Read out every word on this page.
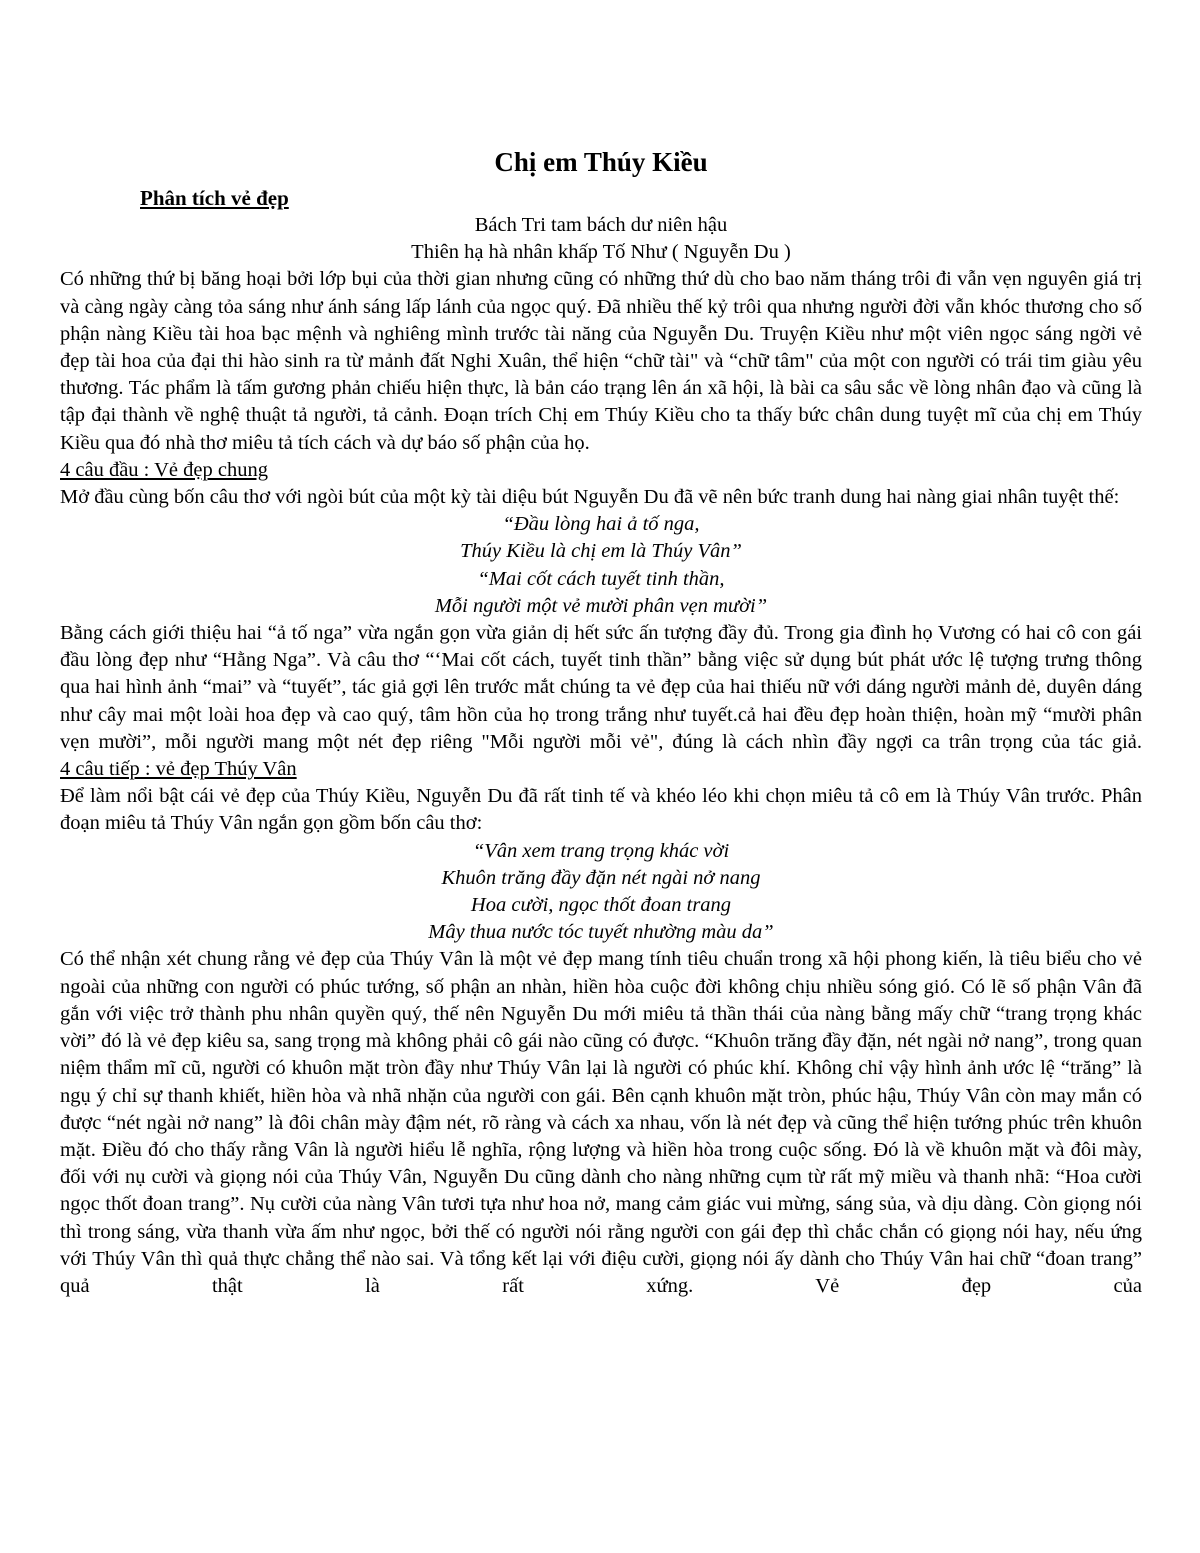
Chị em Thúy Kiều

Phân tích vẻ đẹp

Bách Tri tam bách dư niên hậu

Thiên hạ hà nhân khấp Tố Như ( Nguyễn Du )

Có những thứ bị băng hoại bởi lớp bụi của thời gian nhưng cũng có những thứ dù cho bao năm tháng trôi đi vẫn vẹn nguyên giá trị và càng ngày càng tỏa sáng như ánh sáng lấp lánh của ngọc quý. Đã nhiều thế kỷ trôi qua nhưng người đời vẫn khóc thương cho số phận nàng Kiều tài hoa bạc mệnh và nghiêng mình trước tài năng của Nguyễn Du. Truyện Kiều như một viên ngọc sáng ngời vẻ đẹp tài hoa của đại thi hào sinh ra từ mảnh đất Nghi Xuân, thể hiện “chữ tài" và “chữ tâm" của một con người có trái tim giàu yêu thương. Tác phẩm là tấm gương phản chiếu hiện thực, là bản cáo trạng lên án xã hội, là bài ca sâu sắc về lòng nhân đạo và cũng là tập đại thành về nghệ thuật tả người, tả cảnh. Đoạn trích Chị em Thúy Kiều cho ta thấy bức chân dung tuyệt mĩ của chị em Thúy Kiều qua đó nhà thơ miêu tả tích cách và dự báo số phận của họ.

4 câu đầu : Vẻ đẹp chung

Mở đầu cùng bốn câu thơ với ngòi bút của một kỳ tài diệu bút Nguyễn Du đã vẽ nên bức tranh dung hai nàng giai nhân tuyệt thế:

“Đầu lòng hai ả tố nga,

Thúy Kiều là chị em là Thúy Vân”

“Mai cốt cách tuyết tinh thần,

Mỗi người một vẻ mười phân vẹn mười”

Bằng cách giới thiệu hai “ả tố nga” vừa ngắn gọn vừa giản dị hết sức ấn tượng đầy đủ. Trong gia đình họ Vương có hai cô con gái đầu lòng đẹp như “Hằng Nga”. Và câu thơ “‘Mai cốt cách, tuyết tinh thần” bằng việc sử dụng bút phát ước lệ tượng trưng thông qua hai hình ảnh “mai” và “tuyết”, tác giả gợi lên trước mắt chúng ta vẻ đẹp của hai thiếu nữ với dáng người mảnh dẻ, duyên dáng như cây mai một loài hoa đẹp và cao quý, tâm hồn của họ trong trắng như tuyết.cả hai đều đẹp hoàn thiện, hoàn mỹ “mười phân vẹn mười”, mỗi người mang một nét đẹp riêng "Mỗi người mỗi vẻ", đúng là cách nhìn đầy ngợi ca trân trọng của tác giả.

4 câu tiếp : vẻ đẹp Thúy Vân

Để làm nổi bật cái vẻ đẹp của Thúy Kiều, Nguyễn Du đã rất tinh tế và khéo léo khi chọn miêu tả cô em là Thúy Vân trước. Phân đoạn miêu tả Thúy Vân ngắn gọn gồm bốn câu thơ:

“Vân xem trang trọng khác vời

Khuôn trăng đầy đặn nét ngài nở nang

Hoa cười, ngọc thốt đoan trang

Mây thua nước tóc tuyết nhường màu da”

Có thể nhận xét chung rằng vẻ đẹp của Thúy Vân là một vẻ đẹp mang tính tiêu chuẩn trong xã hội phong kiến, là tiêu biểu cho vẻ ngoài của những con người có phúc tướng, số phận an nhàn, hiền hòa cuộc đời không chịu nhiều sóng gió. Có lẽ số phận Vân đã gắn với việc trở thành phu nhân quyền quý, thế nên Nguyễn Du mới miêu tả thần thái của nàng bằng mấy chữ “trang trọng khác vời” đó là vẻ đẹp kiêu sa, sang trọng mà không phải cô gái nào cũng có được. “Khuôn trăng đầy đặn, nét ngài nở nang”, trong quan niệm thẩm mĩ cũ, người có khuôn mặt tròn đầy như Thúy Vân lại là người có phúc khí. Không chỉ vậy hình ảnh ước lệ “trăng” là ngụ ý chỉ sự thanh khiết, hiền hòa và nhã nhặn của người con gái. Bên cạnh khuôn mặt tròn, phúc hậu, Thúy Vân còn may mắn có được “nét ngài nở nang” là đôi chân mày đậm nét, rõ ràng và cách xa nhau, vốn là nét đẹp và cũng thể hiện tướng phúc trên khuôn mặt. Điều đó cho thấy rằng Vân là người hiểu lễ nghĩa, rộng lượng và hiền hòa trong cuộc sống. Đó là về khuôn mặt và đôi mày, đối với nụ cười và giọng nói của Thúy Vân, Nguyễn Du cũng dành cho nàng những cụm từ rất mỹ miều và thanh nhã: “Hoa cười ngọc thốt đoan trang”. Nụ cười của nàng Vân tươi tựa như hoa nở, mang cảm giác vui mừng, sáng sủa, và dịu dàng. Còn giọng nói thì trong sáng, vừa thanh vừa ấm như ngọc, bởi thế có người nói rằng người con gái đẹp thì chắc chắn có giọng nói hay, nếu ứng với Thúy Vân thì quả thực chẳng thể nào sai. Và tổng kết lại với điệu cười, giọng nói ấy dành cho Thúy Vân hai chữ “đoan trang” quả thật là rất xứng. Vẻ đẹp của
